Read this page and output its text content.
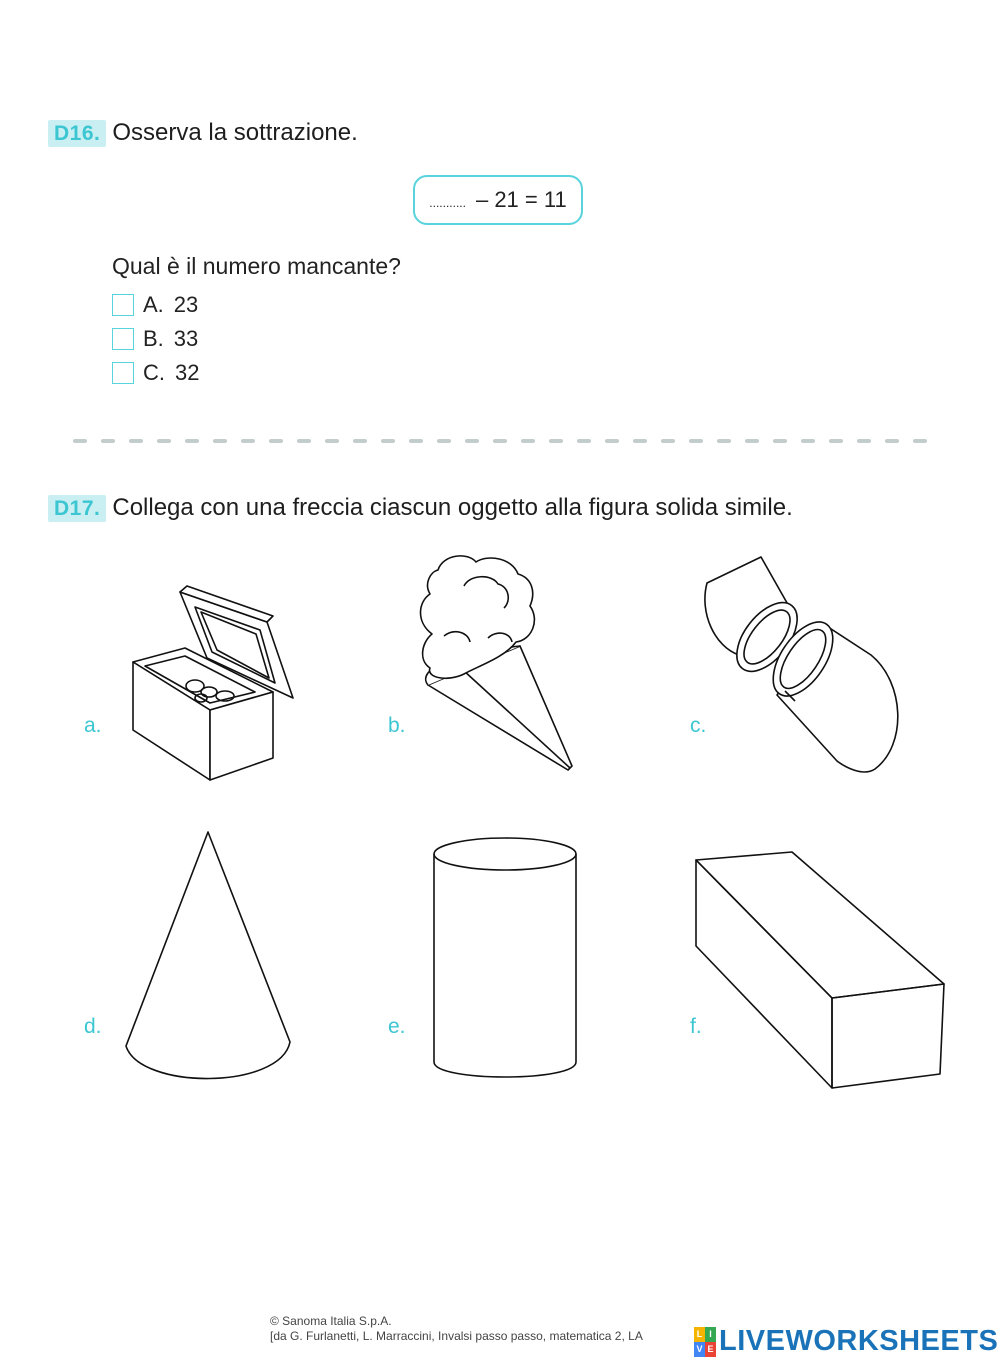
D16. Osserva la sottrazione.
........... – 21 = 11
Qual è il numero mancante?
A. 23
B. 33
C. 32
D17. Collega con una freccia ciascun oggetto alla figura solida simile.
a.	b.	c.
d.	e.	f.
© Sanoma Italia S.p.A.
[da G. Furlanetti, L. Marraccini, Invalsi passo passo, matematica 2, LA	L I
V E LIVEWORKSHEETS
